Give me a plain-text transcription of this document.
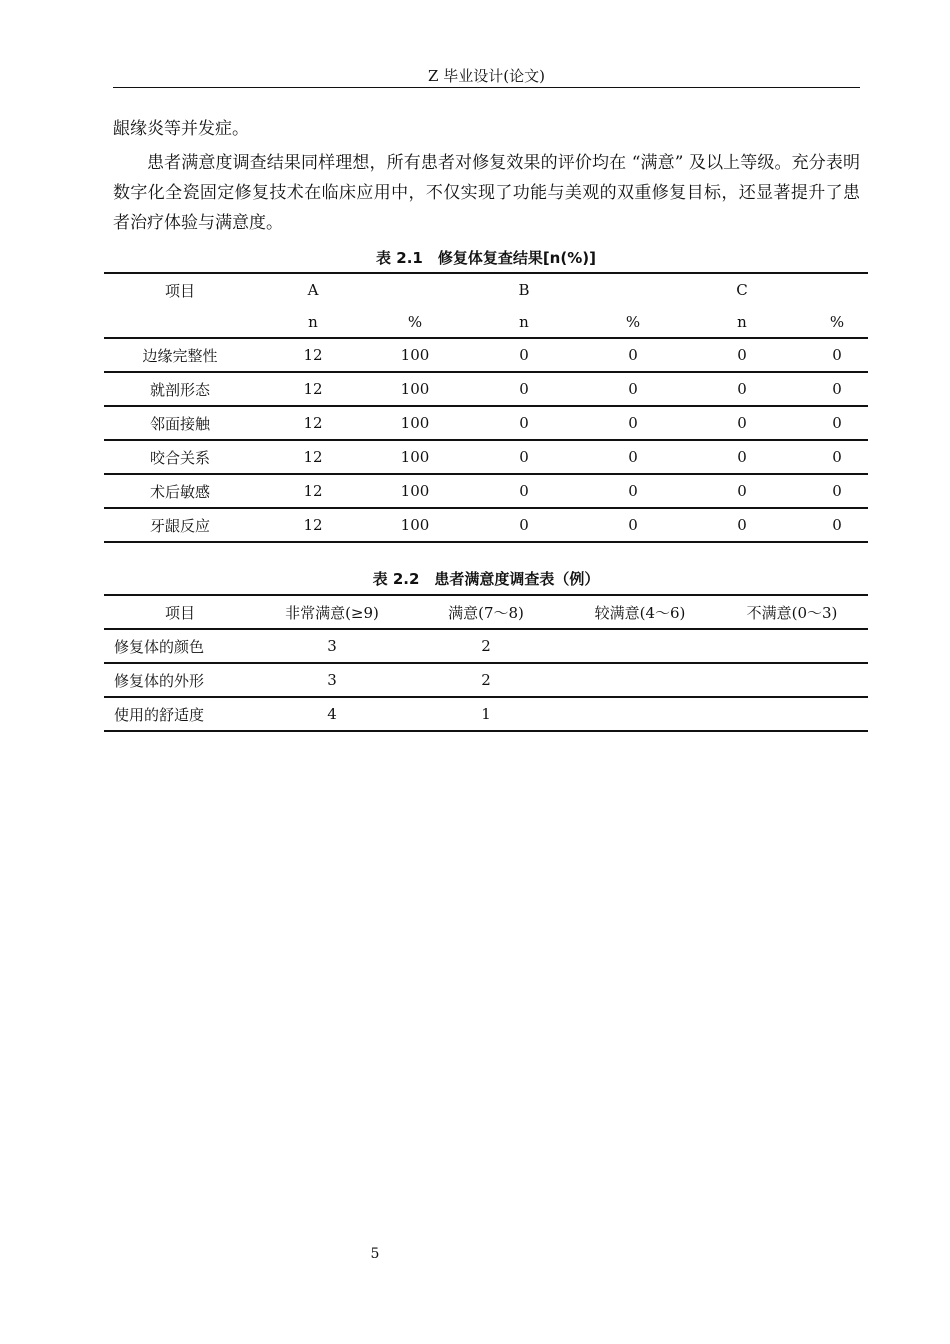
Z 毕业设计(论文)

龈缘炎等并发症。

患者满意度调查结果同样理想，所有患者对修复效果的评价均在 “满意” 及以上等级。充分表明数字化全瓷固定修复技术在临床应用中，不仅实现了功能与美观的双重修复目标，还显著提升了患者治疗体验与满意度。

表 2.1　修复体复查结果[n(%)]
项目	A		B		C	
	n	%	n	%	n	%
边缘完整性	12	100	0	0	0	0
就剖形态	12	100	0	0	0	0
邻面接触	12	100	0	0	0	0
咬合关系	12	100	0	0	0	0
术后敏感	12	100	0	0	0	0
牙龈反应	12	100	0	0	0	0
表 2.2　患者满意度调查表（例）
项目	非常满意(≥9)	满意(7～8)	较满意(4～6)	不满意(0～3)
修复体的颜色	3	2		
修复体的外形	3	2		
使用的舒适度	4	1		
5
